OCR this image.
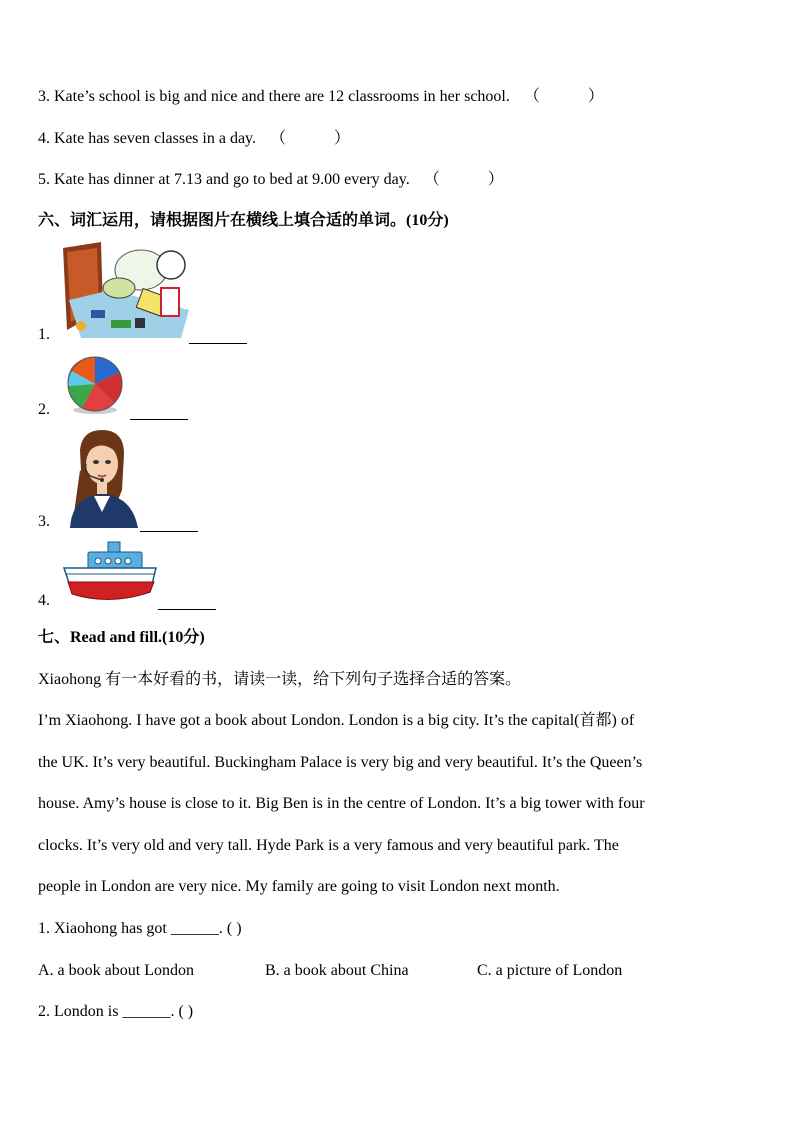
3. Kate’s school is big and nice and there are 12 classrooms in her school. （　　　）
4. Kate has seven classes in a day. （　　　）
5. Kate has dinner at 7.13 and go to bed at 9.00 every day. （　　　）
六、词汇运用，请根据图片在横线上填合适的单词。(10分)
1.
2.
3.
4.
七、Read and fill.(10分)
Xiaohong 有一本好看的书，请读一读，给下列句子选择合适的答案。
I’m Xiaohong. I have got a book about London. London is a big city. It’s the capital(首都) of
the UK. It’s very beautiful. Buckingham Palace is very big and very beautiful. It’s the Queen’s
house. Amy’s house is close to it. Big Ben is in the centre of London. It’s a big tower with four
clocks. It’s very old and very tall. Hyde Park is a very famous and very beautiful park. The
people in London are very nice. My family are going to visit London next month.
1. Xiaohong has got ______. ( )
A. a book about London	B. a book about China	C. a picture of London
2. London is ______. ( )
